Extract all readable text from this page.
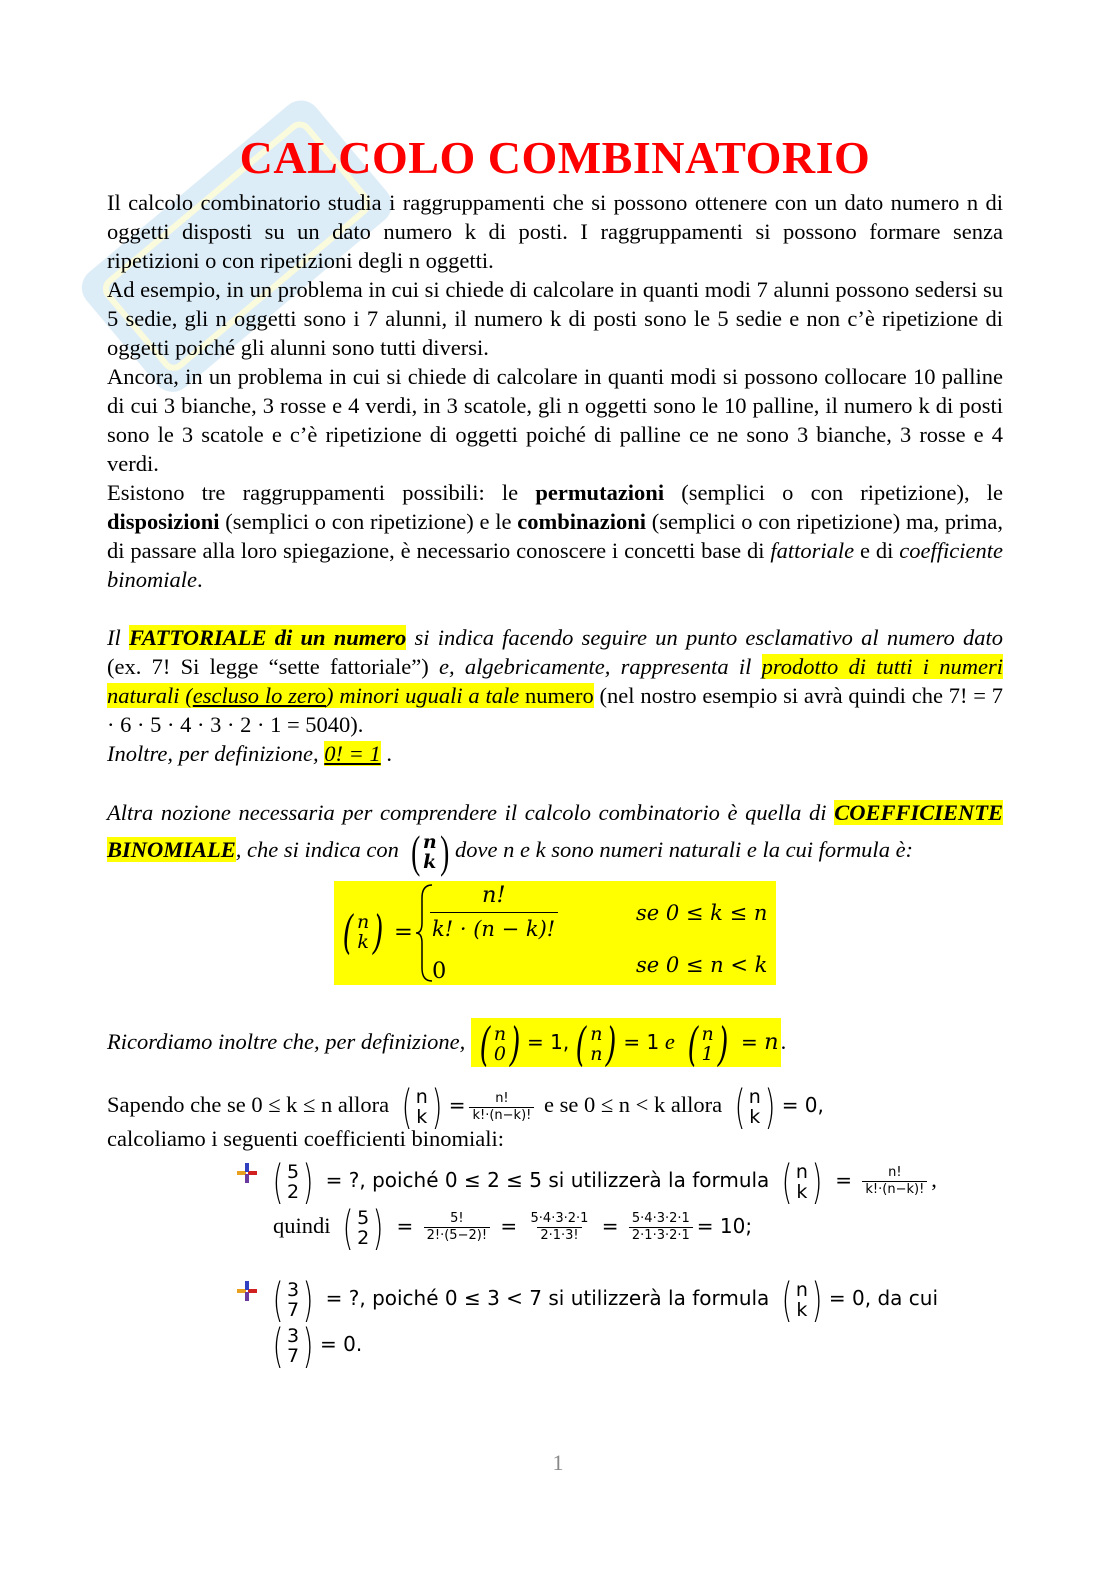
CALCOLO COMBINATORIO

Il calcolo combinatorio studia i raggruppamenti che si possono ottenere con un dato numero n di oggetti disposti su un dato numero k di posti. I raggruppamenti si possono formare senza ripetizioni o con ripetizioni degli n oggetti.

Ad esempio, in un problema in cui si chiede di calcolare in quanti modi 7 alunni possono sedersi su 5 sedie, gli n oggetti sono i 7 alunni, il numero k di posti sono le 5 sedie e non c’è ripetizione di oggetti poiché gli alunni sono tutti diversi.

Ancora, in un problema in cui si chiede di calcolare in quanti modi si possono collocare 10 palline di cui 3 bianche, 3 rosse e 4 verdi, in 3 scatole, gli n oggetti sono le 10 palline, il numero k di posti sono le 3 scatole e c’è ripetizione di oggetti poiché di palline ce ne sono 3 bianche, 3 rosse e 4 verdi.

Esistono tre raggruppamenti possibili: le permutazioni (semplici o con ripetizione), le disposizioni (semplici o con ripetizione) e le combinazioni (semplici o con ripetizione) ma, prima, di passare alla loro spiegazione, è necessario conoscere i concetti base di fattoriale e di coefficiente binomiale.

Il FATTORIALE di un numero si indica facendo seguire un punto esclamativo al numero dato (ex. 7! Si legge “sette fattoriale”) e, algebricamente, rappresenta il prodotto di tutti i numeri naturali (escluso lo zero) minori uguali a tale numero (nel nostro esempio si avrà quindi che 7! = 7 · 6 · 5 · 4 · 3 · 2 · 1 = 5040).

Inoltre, per definizione, 0! = 1 .

Altra nozione necessaria per comprendere il calcolo combinatorio è quella di COEFFICIENTE BINOMIALE, che si indica con ( n
k ) dove n e k sono numeri naturali e la cui formula è:

( n
k ) =
n!
k! · (n − k)!
se 0 ≤ k ≤ n
0	se 0 ≤ n < k

Ricordiamo inoltre che, per definizione, ( n
0 ) = 1, ( n
n ) = 1 e ( n
1 ) = n.

Sapendo che se 0 ≤ k ≤ n allora ( n
k ) = $\frac{n!}{k!\cdot(n-k)!}$ e se 0 ≤ n < k allora ( n
k ) = 0,

calcoliamo i seguenti coefficienti binomiali:

( 5
2 ) = ?, poiché 0 ≤ 2 ≤ 5 si utilizzerà la formula ( n
k ) = $\frac{n!}{k!\cdot(n-k)!}$ ,
quindi ( 5
2 ) = $\frac{5!}{2!\cdot(5-2)!} = \frac{5\cdot 4\cdot 3\cdot 2\cdot 1}{2\cdot 1\cdot 3!} = \frac{5\cdot 4\cdot 3\cdot 2\cdot 1}{2\cdot 1\cdot 3\cdot 2\cdot 1} = 10$;
( 3
7 ) = ?, poiché 0 ≤ 3 < 7 si utilizzerà la formula ( n
k ) = 0, da cui
( 3
7 ) = 0.
1
